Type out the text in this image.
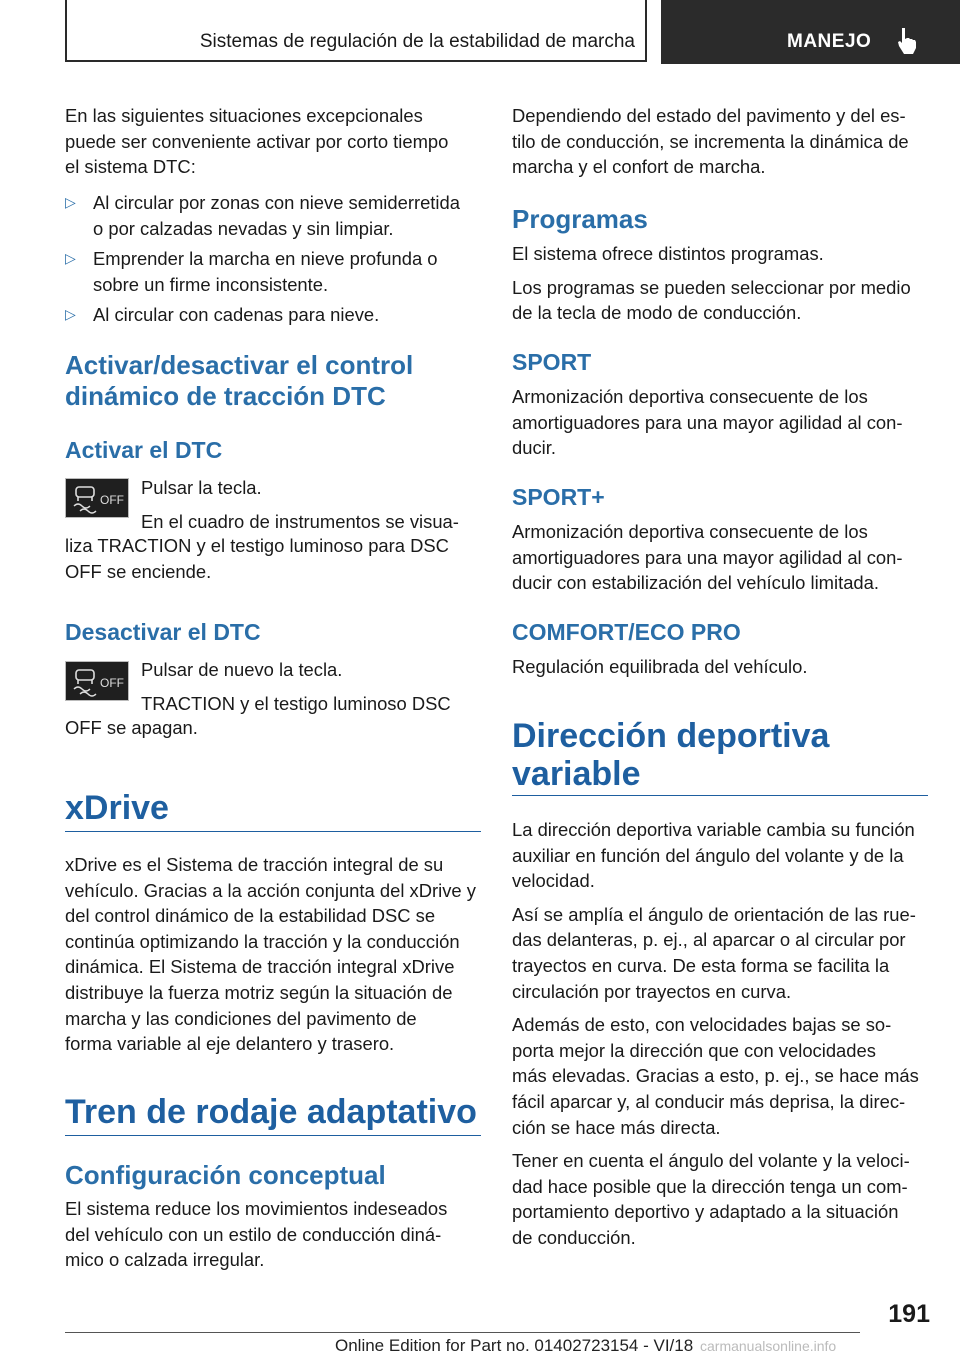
Sistemas de regulación de la estabilidad de marcha	MANEJO

En las siguientes situaciones excepcionales

puede ser conveniente activar por corto tiempo

el sistema DTC:

▷ Al circular por zonas con nieve semiderretida

o por calzadas nevadas y sin limpiar.

▷ Emprender la marcha en nieve profunda o

sobre un firme inconsistente.

▷ Al circular con cadenas para nieve.

Activar/desactivar el control
dinámico de tracción DTC
Activar el DTC
OFF

Pulsar la tecla.

En el cuadro de instrumentos se visua-

liza TRACTION y el testigo luminoso para DSC

OFF se enciende.

Desactivar el DTC
OFF

Pulsar de nuevo la tecla.

TRACTION y el testigo luminoso DSC

OFF se apagan.

xDrive

xDrive es el Sistema de tracción integral de su

vehículo. Gracias a la acción conjunta del xDrive y

del control dinámico de la estabilidad DSC se

continúa optimizando la tracción y la conducción

dinámica. El Sistema de tracción integral xDrive

distribuye la fuerza motriz según la situación de

marcha y las condiciones del pavimento de

forma variable al eje delantero y trasero.

Tren de rodaje adaptativo
Configuración conceptual

El sistema reduce los movimientos indeseados

del vehículo con un estilo de conducción diná-

mico o calzada irregular.

Dependiendo del estado del pavimento y del es-

tilo de conducción, se incrementa la dinámica de

marcha y el confort de marcha.

Programas

El sistema ofrece distintos programas.

Los programas se pueden seleccionar por medio

de la tecla de modo de conducción.

SPORT

Armonización deportiva consecuente de los

amortiguadores para una mayor agilidad al con-

ducir.

SPORT+

Armonización deportiva consecuente de los

amortiguadores para una mayor agilidad al con-

ducir con estabilización del vehículo limitada.

COMFORT/ECO PRO

Regulación equilibrada del vehículo.

Dirección deportiva
variable

La dirección deportiva variable cambia su función

auxiliar en función del ángulo del volante y de la

velocidad.

Así se amplía el ángulo de orientación de las rue-

das delanteras, p. ej., al aparcar o al circular por

trayectos en curva. De esta forma se facilita la

circulación por trayectos en curva.

Además de esto, con velocidades bajas se so-

porta mejor la dirección que con velocidades

más elevadas. Gracias a esto, p. ej., se hace más

fácil aparcar y, al conducir más deprisa, la direc-

ción se hace más directa.

Tener en cuenta el ángulo del volante y la veloci-

dad hace posible que la dirección tenga un com-

portamiento deportivo y adaptado a la situación

de conducción.

191
Online Edition for Part no. 01402723154 - VI/18 carmanualsonline.info
